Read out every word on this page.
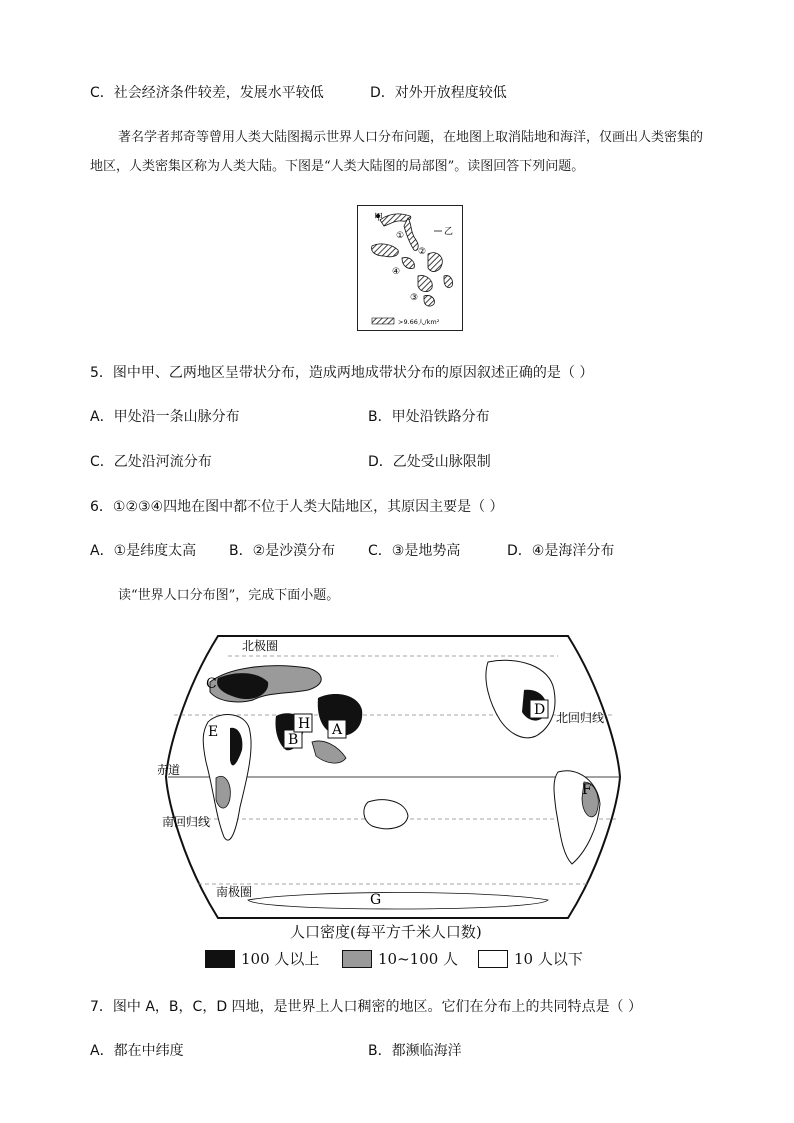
C．社会经济条件较差，发展水平较低	D．对外开放程度较低
著名学者邦奇等曾用人类大陆图揭示世界人口分布问题，在地图上取消陆地和海洋，仅画出人类密集的地区，人类密集区称为人类大陆。下图是“人类大陆图的局部图”。读图回答下列问题。
甲
乙
①
②
③
④
>9.66人/km²
5．图中甲、乙两地区呈带状分布，造成两地成带状分布的原因叙述正确的是（ ）
A．甲处沿一条山脉分布	B．甲处沿铁路分布
C．乙处沿河流分布	D．乙处受山脉限制
6．①②③④四地在图中都不位于人类大陆地区，其原因主要是（ ）
A．①是纬度太高 B．②是沙漠分布 C．③是地势高	D．④是海洋分布
读“世界人口分布图”，完成下面小题。
北极圈
北回归线
赤道
南回归线
南极圈
A
B
C
D
E
F
G
H
人口密度(每平方千米人口数)
100 人以上	10~100 人	10 人以下
7．图中 A，B，C，D 四地，是世界上人口稠密的地区。它们在分布上的共同特点是（ ）
A．都在中纬度	B．都濒临海洋
